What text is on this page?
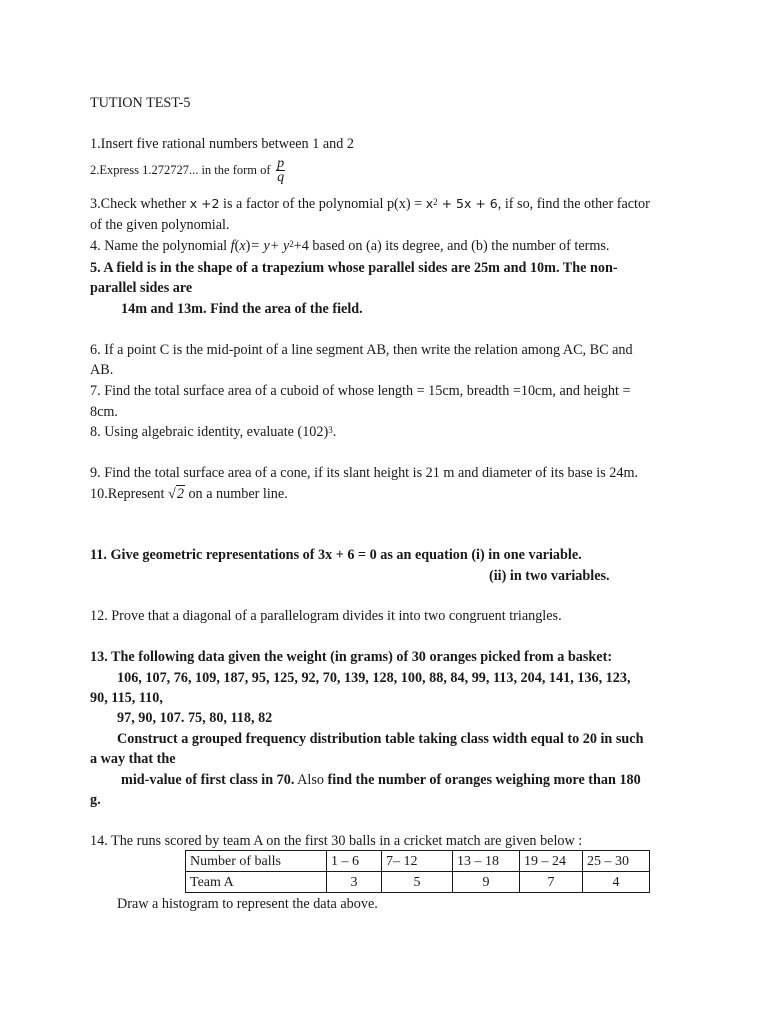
TUTION TEST-5
1.Insert five rational numbers between 1 and 2
2.Express 1.272727... in the form of $\frac{p}{q}$
3.Check whether x +2 is a factor of the polynomial $p(x) = x^2 + 5x + 6$, if so, find the other factor
of the given polynomial.
4. Name the polynomial $f(x)= y+ y^2+4$ based on (a) its degree, and (b) the number of terms.
5. A field is in the shape of a trapezium whose parallel sides are 25m and 10m. The non-
parallel sides are
14m and 13m. Find the area of the field.
6. If a point C is the mid-point of a line segment AB, then write the relation among AC, BC and
AB.
7. Find the total surface area of a cuboid of whose length = 15cm, breadth =10cm, and height =
8cm.
8. Using algebraic identity, evaluate $(102)^3$.
9. Find the total surface area of a cone, if its slant height is 21 m and diameter of its base is 24m.
10.Represent √2 on a number line.
11. Give geometric representations of 3x + 6 = 0 as an equation (i) in one variable.
(ii) in two variables.
12. Prove that a diagonal of a parallelogram divides it into two congruent triangles.
13. The following data given the weight (in grams) of 30 oranges picked from a basket:
106, 107, 76, 109, 187, 95, 125, 92, 70, 139, 128, 100, 88, 84, 99, 113, 204, 141, 136, 123,
90, 115, 110,
97, 90, 107. 75, 80, 118, 82
Construct a grouped frequency distribution table taking class width equal to 20 in such
a way that the
mid-value of first class in 70. Also find the number of oranges weighing more than 180
g.
14. The runs scored by team A on the first 30 balls in a cricket match are given below :
Number of balls	1 – 6	7– 12	13 – 18	19 – 24	25 – 30
Team A	3	5	9	7	4
Draw a histogram to represent the data above.
